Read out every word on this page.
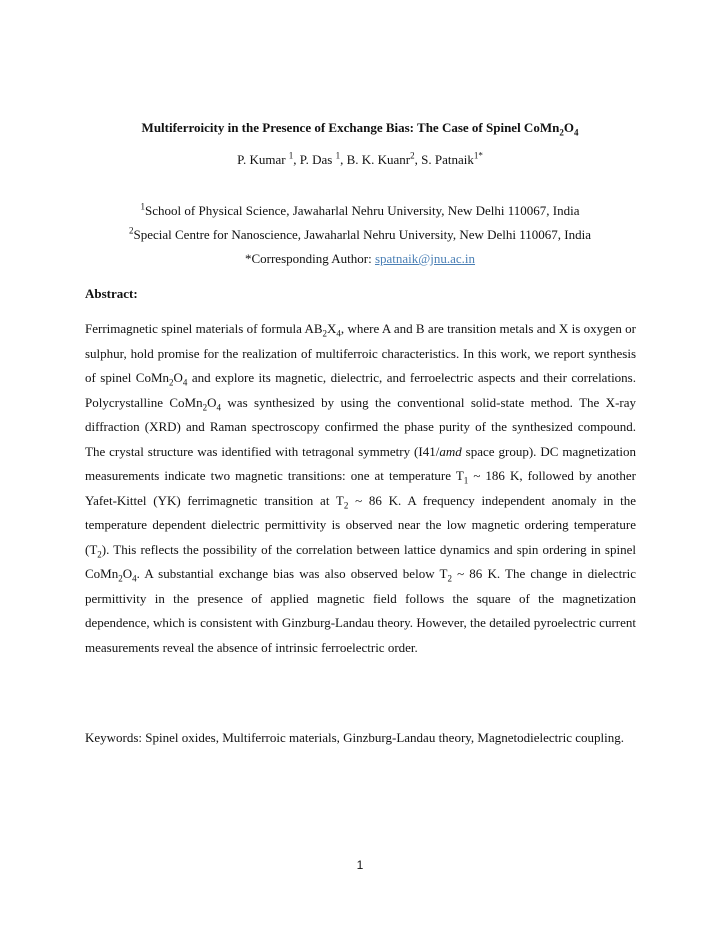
Multiferroicity in the Presence of Exchange Bias: The Case of Spinel $CoMn_2O_4$
P. Kumar $^1$, P. Das $^1$, B. K. Kuanr$^2$, S. Patnaik$^{1*}$
$^1$School of Physical Science, Jawaharlal Nehru University, New Delhi 110067, India
$^2$Special Centre for Nanoscience, Jawaharlal Nehru University, New Delhi 110067, India
*Corresponding Author: spatnaik@jnu.ac.in
Abstract:
Ferrimagnetic spinel materials of formula $AB_2X_4$, where A and B are transition metals and X is oxygen or sulphur, hold promise for the realization of multiferroic characteristics. In this work, we report synthesis of spinel $CoMn_2O_4$ and explore its magnetic, dielectric, and ferroelectric aspects and their correlations. Polycrystalline $CoMn_2O_4$ was synthesized by using the conventional solid-state method. The X-ray diffraction (XRD) and Raman spectroscopy confirmed the phase purity of the synthesized compound. The crystal structure was identified with tetragonal symmetry (I41/amd space group). DC magnetization measurements indicate two magnetic transitions: one at temperature $T_1$ ~ 186 K, followed by another Yafet-Kittel (YK) ferrimagnetic transition at $T_2$ ~ 86 K. A frequency independent anomaly in the temperature dependent dielectric permittivity is observed near the low magnetic ordering temperature $(T_2)$. This reflects the possibility of the correlation between lattice dynamics and spin ordering in spinel $CoMn_2O_4$. A substantial exchange bias was also observed below $T_2$ ~ 86 K. The change in dielectric permittivity in the presence of applied magnetic field follows the square of the magnetization dependence, which is consistent with Ginzburg-Landau theory. However, the detailed pyroelectric current measurements reveal the absence of intrinsic ferroelectric order.
Keywords: Spinel oxides, Multiferroic materials, Ginzburg-Landau theory, Magnetodielectric coupling.
1
